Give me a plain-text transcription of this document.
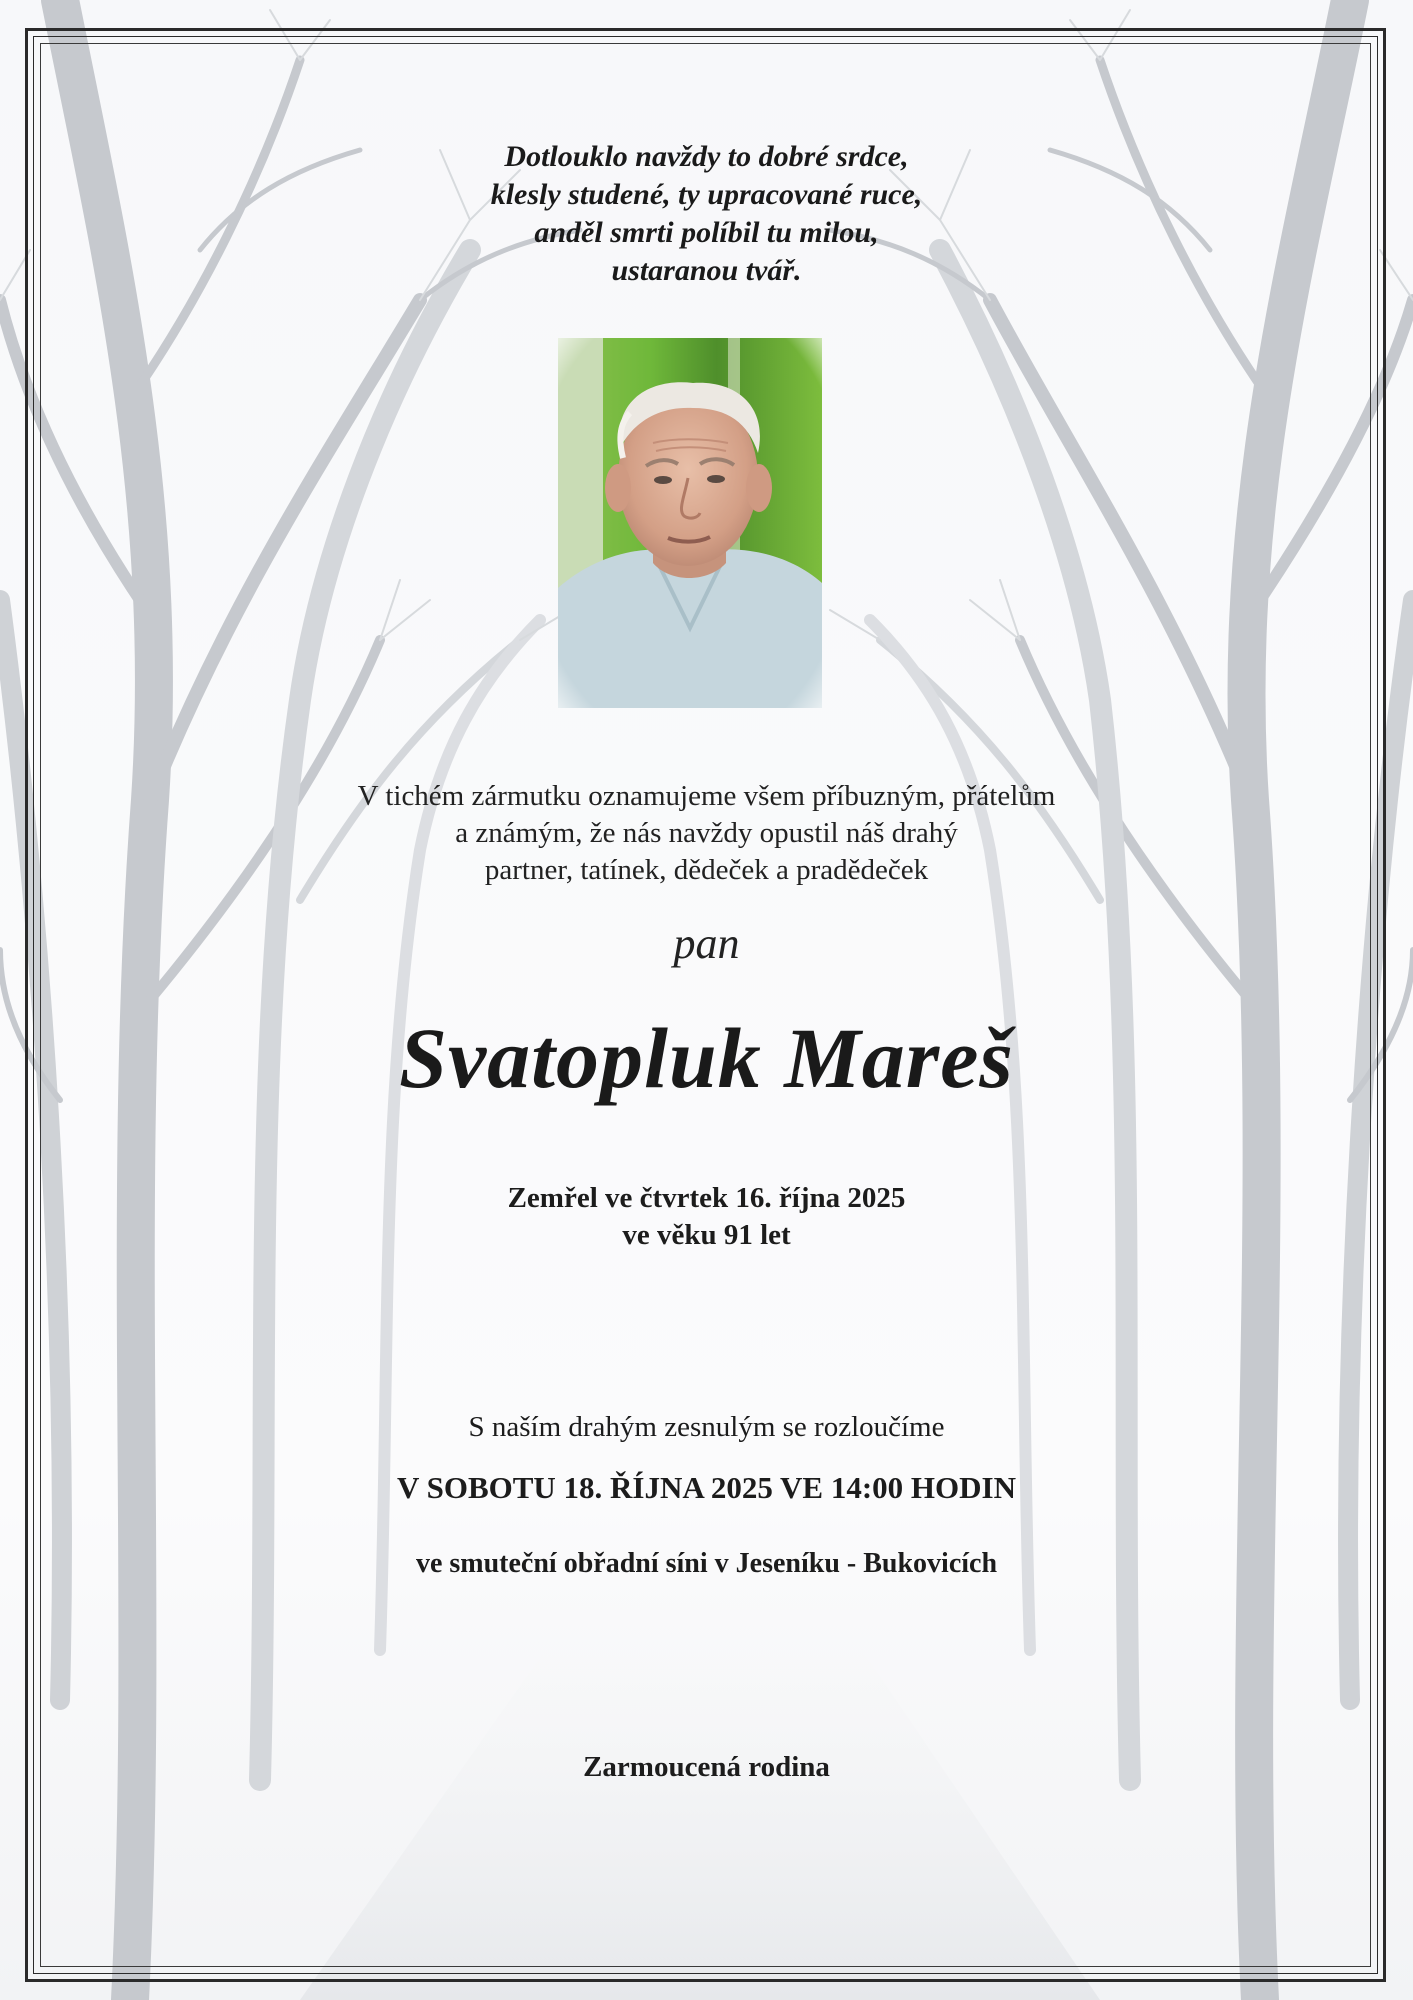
Dotlouklo navždy to dobré srdce,
klesly studené, ty upracované ruce,
anděl smrti políbil tu milou,
ustaranou tvář.
V tichém zármutku oznamujeme všem příbuzným, přátelům
a známým, že nás navždy opustil náš drahý
partner, tatínek, dědeček a pradědeček
pan
Svatopluk Mareš
Zemřel ve čtvrtek 16. října 2025
ve věku 91 let
S naším drahým zesnulým se rozloučíme
V SOBOTU 18. ŘÍJNA 2025 VE 14:00 HODIN
ve smuteční obřadní síni v Jeseníku - Bukovicích
Zarmoucená rodina
